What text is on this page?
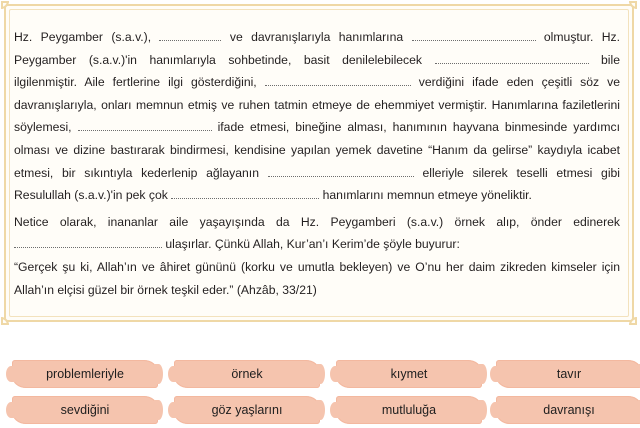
Hz. Peygamber (s.a.v.),	ve davranışlarıyla hanımlarına	olmuştur. Hz. Peygamber (s.a.v.)'in hanımlarıyla sohbetinde, basit denilelebilecek	bile ilgilenmiştir. Aile fertlerine ilgi gösterdiğini,	verdiğini ifade eden çeşitli söz ve davranışlarıyla, onları memnun etmiş ve ruhen tatmin etmeye de ehemmiyet vermiştir. Hanımlarına faziletlerini söylemesi,	ifade etmesi, bineğine alması, hanımının hayvana binmesinde yardımcı olması ve dizine bastırarak bindirmesi, kendisine yapılan yemek davetine “Hanım da gelirse” kaydıyla icabet etmesi, bir sıkıntıyla kederlenip ağlayanın	elleriyle silerek teselli etmesi gibi Resulullah (s.a.v.)'in pek çok	hanımlarını memnun etmeye yöneliktir.

Netice olarak, inananlar aile yaşayışında da Hz. Peygamberi (s.a.v.) örnek alıp, önder edinerek  ulaşırlar. Çünkü Allah, Kur’an’ı Kerim’de şöyle buyurur:

“Gerçek şu ki, Allah’ın ve âhiret gününü (korku ve umutla bekleyen) ve O’nu her daim zikreden kimseler için Allah’ın elçisi güzel bir örnek teşkil eder.” (Ahzâb, 33/21)

problemleriyle	örnek	kıymet	tavır
sevdiğini	göz yaşlarını	mutluluğa	davranışı
